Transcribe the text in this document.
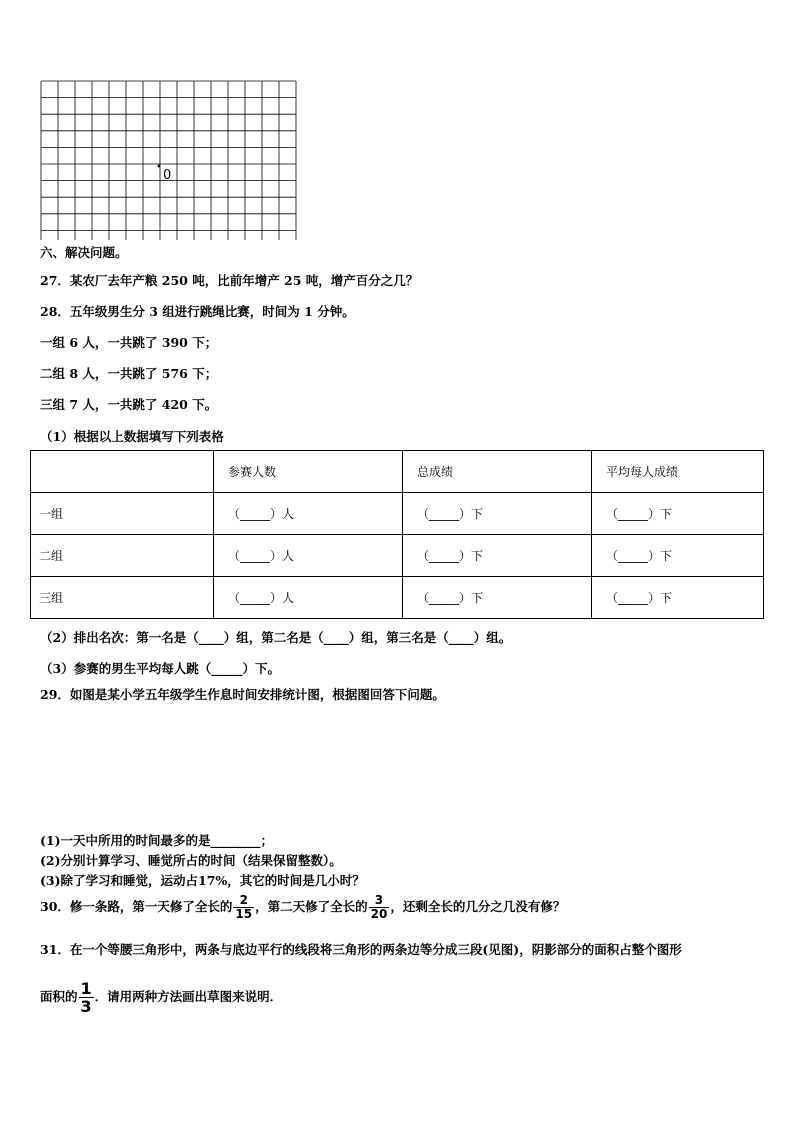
0
六、解决问题。
27．某农厂去年产粮 250 吨，比前年增产 25 吨，增产百分之几？
28．五年级男生分 3 组进行跳绳比赛，时间为 1 分钟。
一组 6 人，一共跳了 390 下；
二组 8 人，一共跳了 576 下；
三组 7 人，一共跳了 420 下。
（1）根据以上数据填写下列表格
	参赛人数	总成绩	平均每人成绩
一组	（_____）人	（_____）下	（_____）下
二组	（_____）人	（_____）下	（_____）下
三组	（_____）人	（_____）下	（_____）下
（2）排出名次：第一名是（____）组，第二名是（____）组，第三名是（____）组。
（3）参赛的男生平均每人跳（_____）下。
29．如图是某小学五年级学生作息时间安排统计图，根据图回答下问题。
(1)一天中所用的时间最多的是________；
(2)分别计算学习、睡觉所占的时间（结果保留整数）。
(3)除了学习和睡觉，运动占17%，其它的时间是几小时？
30．修一条路，第一天修了全长的 $\frac{2}{15}$ ，第二天修了全长的 $\frac{3}{20}$ ，还剩全长的几分之几没有修？
31．在一个等腰三角形中，两条与底边平行的线段将三角形的两条边等分成三段(见图)，阴影部分的面积占整个图形
面积的 $\frac{1}{3}$ ．请用两种方法画出草图来说明．
